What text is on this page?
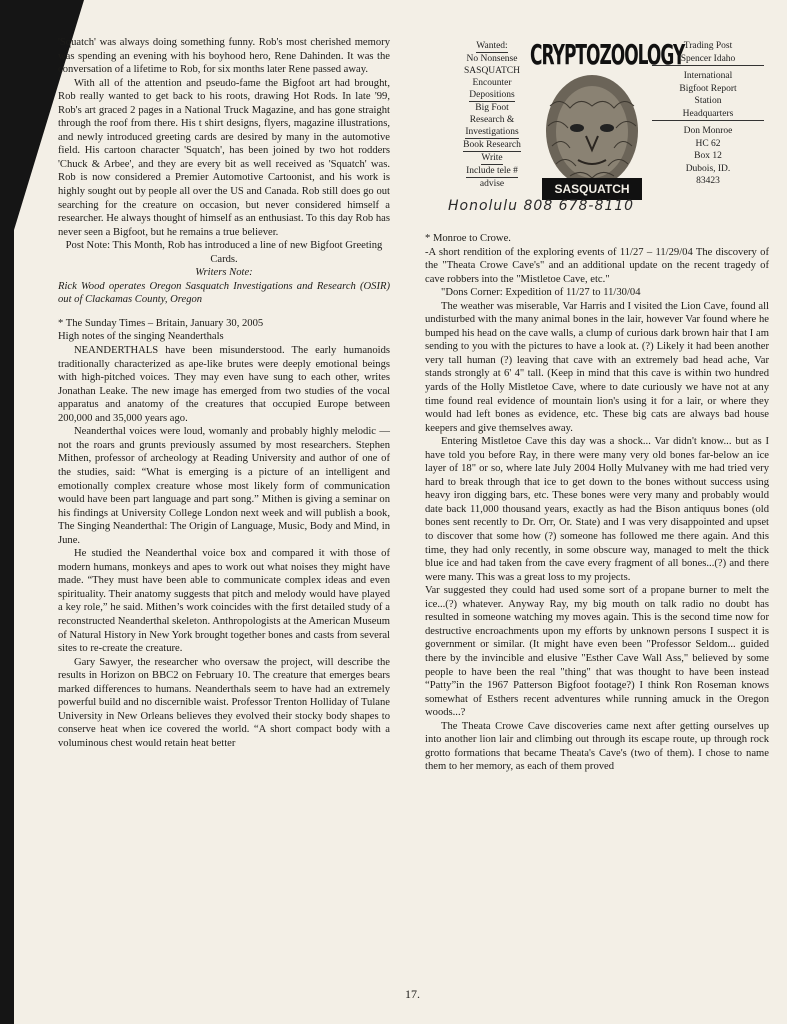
'Squatch' was always doing something funny. Rob's most cherished memory was spending an evening with his boyhood hero, Rene Dahinden. It was the conversation of a lifetime to Rob, for six months later Rene passed away.

With all of the attention and pseudo-fame the Bigfoot art had brought, Rob really wanted to get back to his roots, drawing Hot Rods. In late '99, Rob's art graced 2 pages in a National Truck Magazine, and has gone straight through the roof from there. His t shirt designs, flyers, magazine illustrations, and newly introduced greeting cards are desired by many in the automotive field. His cartoon character 'Squatch', has been joined by two hot rodders 'Chuck & Arbee', and they are every bit as well received as 'Squatch' was. Rob is now considered a Premier Automotive Cartoonist, and his work is highly sought out by people all over the US and Canada. Rob still does go out searching for the creature on occasion, but never considered himself a researcher. He always thought of himself as an enthusiast. To this day Rob has never seen a Bigfoot, but he remains a true believer.

Post Note: This Month, Rob has introduced a line of new Bigfoot Greeting Cards.

Writers Note:

Rick Wood operates Oregon Sasquatch Investigations and Research (OSIR) out of Clackamas County, Oregon

* The Sunday Times – Britain, January 30, 2005

High notes of the singing Neanderthals

NEANDERTHALS have been misunderstood. The early humanoids traditionally characterized as ape-like brutes were deeply emotional beings with high-pitched voices. They may even have sung to each other, writes Jonathan Leake. The new image has emerged from two studies of the vocal apparatus and anatomy of the creatures that occupied Europe between 200,000 and 35,000 years ago.

Neanderthal voices were loud, womanly and probably highly melodic — not the roars and grunts previously assumed by most researchers. Stephen Mithen, professor of archeology at Reading University and author of one of the studies, said: “What is emerging is a picture of an intelligent and emotionally complex creature whose most likely form of communication would have been part language and part song.” Mithen is giving a seminar on his findings at University College London next week and will publish a book, The Singing Neanderthal: The Origin of Language, Music, Body and Mind, in June.

He studied the Neanderthal voice box and compared it with those of modern humans, monkeys and apes to work out what noises they might have made. “They must have been able to communicate complex ideas and even spirituality. Their anatomy suggests that pitch and melody would have played a key role,” he said. Mithen’s work coincides with the first detailed study of a reconstructed Neanderthal skeleton. Anthropologists at the American Museum of Natural History in New York brought together bones and casts from several sites to re-create the creature.

Gary Sawyer, the researcher who oversaw the project, will describe the results in Horizon on BBC2 on February 10. The creature that emerges bears marked differences to humans. Neanderthals seem to have had an extremely powerful build and no discernible waist. Professor Trenton Holliday of Tulane University in New Orleans believes they evolved their stocky body shapes to conserve heat when ice covered the world. “A short compact body with a voluminous chest would retain heat better

Wanted:
No Nonsense
SASQUATCH
Encounter
Depositions
Big Foot
Research &
Investigations
Book Research
Write
Include tele #
advise
CRYPTOZOOLOGY
SASQUATCH
Trading Post
Spencer Idaho
International
Bigfoot Report
Station
Headquarters
Don Monroe
HC 62
Box 12
Dubois, ID.
83423
Honolulu 808 678-8110

* Monroe to Crowe.

-A short rendition of the exploring events of 11/27 – 11/29/04 The discovery of the "Theata Crowe Cave's" and an additional update on the recent tragedy of cave robbers into the "Mistletoe Cave, etc."

"Dons Corner: Expedition of 11/27 to 11/30/04

The weather was miserable, Var Harris and I visited the Lion Cave, found all undisturbed with the many animal bones in the lair, however Var found where he bumped his head on the cave walls, a clump of curious dark brown hair that I am sending to you with the pictures to have a look at. (?) Likely it had been another very tall human (?) leaving that cave with an extremely bad head ache, Var stands strongly at 6' 4" tall. (Keep in mind that this cave is within two hundred yards of the Holly Mistletoe Cave, where to date curiously we have not at any time found real evidence of mountain lion's using it for a lair, or where they would had left bones as evidence, etc. These big cats are always bad house keepers and give themselves away.

Entering Mistletoe Cave this day was a shock... Var didn't know... but as I have told you before Ray, in there were many very old bones far-below an ice layer of 18" or so, where late July 2004 Holly Mulvaney with me had tried very hard to break through that ice to get down to the bones without success using heavy iron digging bars, etc. These bones were very many and probably would date back 11,000 thousand years, exactly as had the Bison antiquus bones (old bones sent recently to Dr. Orr, Or. State) and I was very disappointed and upset to discover that some how (?) someone has followed me there again. And this time, they had only recently, in some obscure way, managed to melt the thick blue ice and had taken from the cave every fragment of all bones...(?) and there were many. This was a great loss to my projects.

Var suggested they could had used some sort of a propane burner to melt the ice...(?) whatever. Anyway Ray, my big mouth on talk radio no doubt has resulted in someone watching my moves again. This is the second time now for destructive encroachments upon my efforts by unknown persons I suspect it is government or similar. (It might have even been "Professor Seldom... guided there by the invincible and elusive "Esther Cave Wall Ass," believed by some people to have been the real "thing" that was thought to have been instead “Patty”in the 1967 Patterson Bigfoot footage?) I think Ron Roseman knows somewhat of Esthers recent adventures while running amuck in the Oregon woods...?

The Theata Crowe Cave discoveries came next after getting ourselves up into another lion lair and climbing out through its escape route, up through rock grotto formations that became Theata's Cave's (two of them). I chose to name them to her memory, as each of them proved

17.
